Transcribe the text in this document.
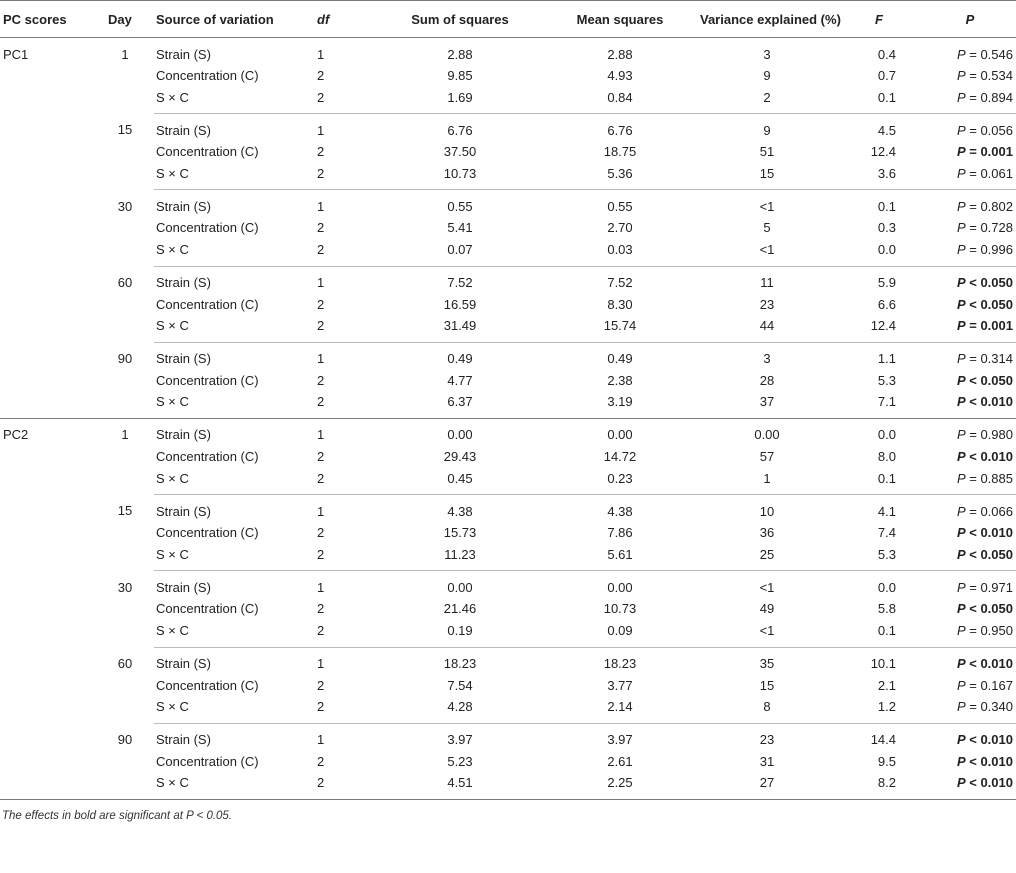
PC scores	Day	Source of variation	df	Sum of squares	Mean squares	Variance explained (%)	F	P
PC1	1	Strain (S)	1	2.88	2.88	3	0.4	P = 0.546
		Concentration (C)	2	9.85	4.93	9	0.7	P = 0.534
		S × C	2	1.69	0.84	2	0.1	P = 0.894
	15	Strain (S)	1	6.76	6.76	9	4.5	P = 0.056
		Concentration (C)	2	37.50	18.75	51	12.4	P = 0.001
		S × C	2	10.73	5.36	15	3.6	P = 0.061
	30	Strain (S)	1	0.55	0.55	<1	0.1	P = 0.802
		Concentration (C)	2	5.41	2.70	5	0.3	P = 0.728
		S × C	2	0.07	0.03	<1	0.0	P = 0.996
	60	Strain (S)	1	7.52	7.52	11	5.9	P < 0.050
		Concentration (C)	2	16.59	8.30	23	6.6	P < 0.050
		S × C	2	31.49	15.74	44	12.4	P = 0.001
	90	Strain (S)	1	0.49	0.49	3	1.1	P = 0.314
		Concentration (C)	2	4.77	2.38	28	5.3	P < 0.050
		S × C	2	6.37	3.19	37	7.1	P < 0.010
PC2	1	Strain (S)	1	0.00	0.00	0.00	0.0	P = 0.980
		Concentration (C)	2	29.43	14.72	57	8.0	P < 0.010
		S × C	2	0.45	0.23	1	0.1	P = 0.885
	15	Strain (S)	1	4.38	4.38	10	4.1	P = 0.066
		Concentration (C)	2	15.73	7.86	36	7.4	P < 0.010
		S × C	2	11.23	5.61	25	5.3	P < 0.050
	30	Strain (S)	1	0.00	0.00	<1	0.0	P = 0.971
		Concentration (C)	2	21.46	10.73	49	5.8	P < 0.050
		S × C	2	0.19	0.09	<1	0.1	P = 0.950
	60	Strain (S)	1	18.23	18.23	35	10.1	P < 0.010
		Concentration (C)	2	7.54	3.77	15	2.1	P = 0.167
		S × C	2	4.28	2.14	8	1.2	P = 0.340
	90	Strain (S)	1	3.97	3.97	23	14.4	P < 0.010
		Concentration (C)	2	5.23	2.61	31	9.5	P < 0.010
		S × C	2	4.51	2.25	27	8.2	P < 0.010
The effects in bold are significant at P < 0.05.
